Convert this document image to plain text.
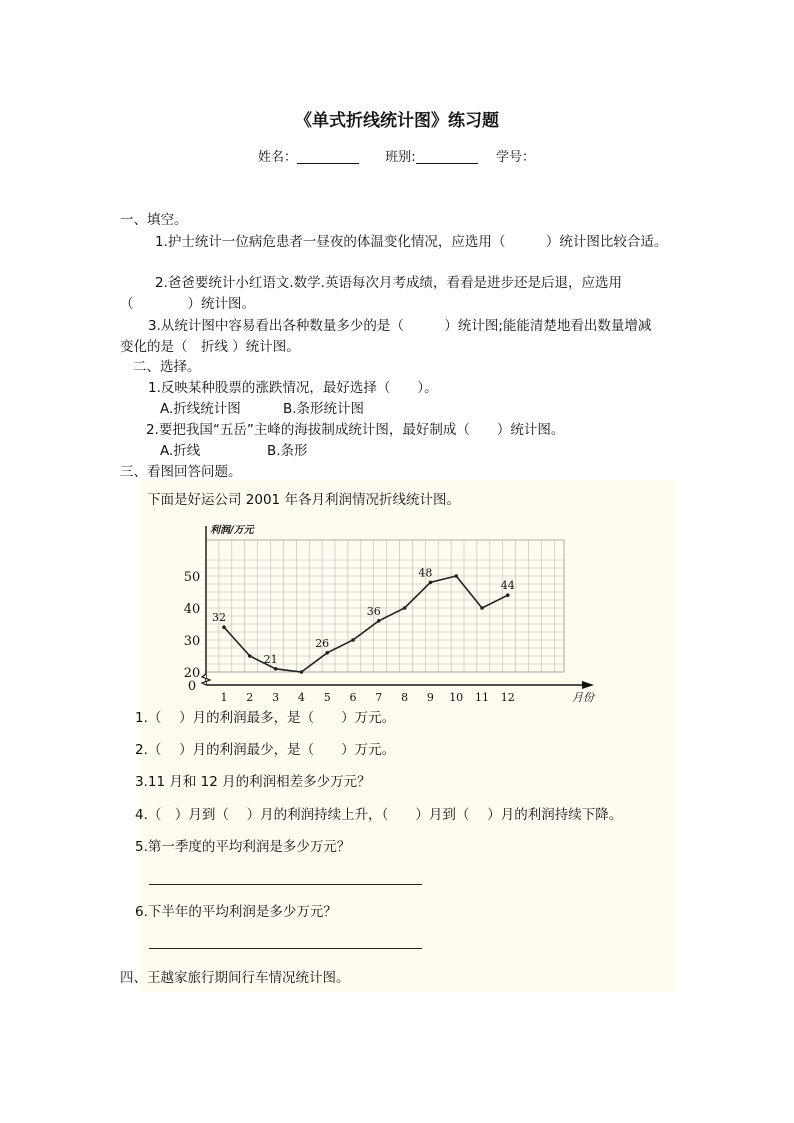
《单式折线统计图》练习题
姓名：	班别:	学号：
一、填空。
1.护士统计一位病危患者一昼夜的体温变化情况，应选用（　　　）统计图比较合适。
2.爸爸要统计小红语文.数学.英语每次月考成绩，看看是进步还是后退，应选用
（　　　　）统计图。
3.从统计图中容易看出各种数量多少的是（　　　）统计图;能能清楚地看出数量增减
变化的是（　折线 ）统计图。
二、选择。
1.反映某种股票的涨跌情况，最好选择（　　）。
A.折线统计图	B.条形统计图
2.要把我国“五岳”主峰的海拔制成统计图，最好制成（　　）统计图。
A.折线	B.条形
三、看图回答问题。
下面是好运公司 2001 年各月利润情况折线统计图。
0
20
30
40
50
1 2 3 4 5 6 7 8 9 10 11 12
利润/万元
月份
32
21
26
36
48
44
1.（　 ）月的利润最多，是（　　）万元。
2.（　 ）月的利润最少，是（　　）万元。
3.11 月和 12 月的利润相差多少万元？
4.（　）月到（　 ）月的利润持续上升，（　　）月到（　 ）月的利润持续下降。
5.第一季度的平均利润是多少万元？
6.下半年的平均利润是多少万元？
四、王越家旅行期间行车情况统计图。
